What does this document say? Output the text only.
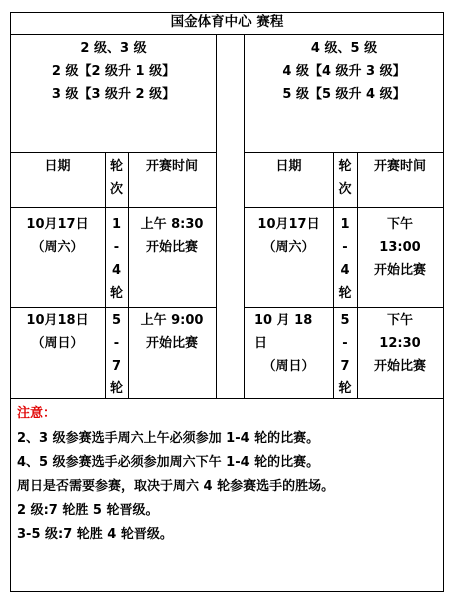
国金体育中心 赛程
2 级、3 级
2 级【2 级升 1 级】
3 级【3 级升 2 级】
日期	轮
次
开赛时间
10月17日
（周六）
1
-
4
轮
上午 8:30
开始比赛
10月18日
（周日）
5
-
7
轮
上午 9:00
开始比赛
4 级、5 级
4 级【4 级升 3 级】
5 级【5 级升 4 级】
日期	轮
次
开赛时间
10月17日
（周六）
1
-
4
轮
下午
13:00
开始比赛
10 月 18
日
（周日）
5
-
7
轮
下午
12:30
开始比赛
注意：
2、3 级参赛选手周六上午必须参加 1-4 轮的比赛。
4、5 级参赛选手必须参加周六下午 1-4 轮的比赛。
周日是否需要参赛，取决于周六 4 轮参赛选手的胜场。
2 级:7 轮胜 5 轮晋级。
3-5 级:7 轮胜 4 轮晋级。
